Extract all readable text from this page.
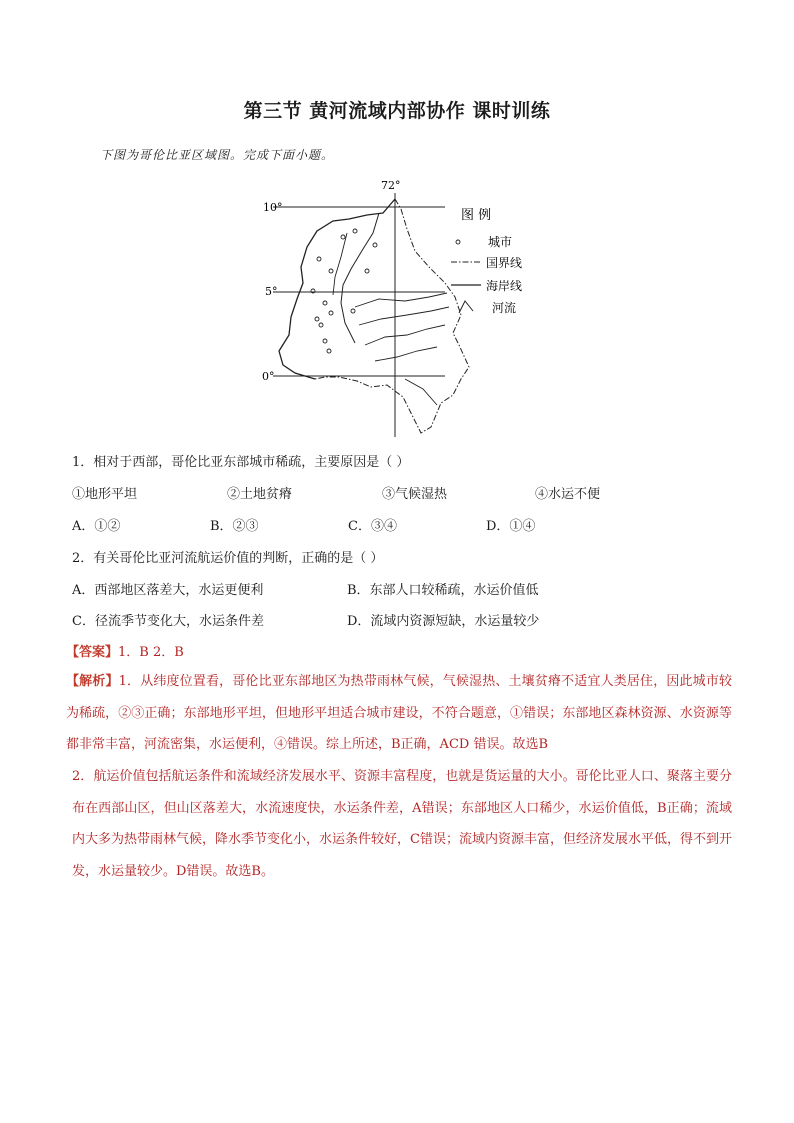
第三节 黄河流域内部协作 课时训练
下图为哥伦比亚区域图。完成下面小题。
10°
5°
0°
72°
图 例
城市
国界线
海岸线
河流
1．相对于西部，哥伦比亚东部城市稀疏，主要原因是（ ）
①地形平坦	②土地贫瘠	③气候湿热	④水运不便
A．①②	B．②③	C．③④	D．①④
2．有关哥伦比亚河流航运价值的判断，正确的是（ ）
A．西部地区落差大，水运更便利	B．东部人口较稀疏，水运价值低
C．径流季节变化大，水运条件差	D．流域内资源短缺，水运量较少
【答案】1．B 2．B
【解析】1．从纬度位置看，哥伦比亚东部地区为热带雨林气候，气候湿热、土壤贫瘠不适宜人类居住，因此城市较为稀疏，②③正确；东部地形平坦，但地形平坦适合城市建设，不符合题意，①错误；东部地区森林资源、水资源等都非常丰富，河流密集，水运便利，④错误。综上所述，B正确，ACD 错误。故选B
2．航运价值包括航运条件和流域经济发展水平、资源丰富程度，也就是货运量的大小。哥伦比亚人口、聚落主要分布在西部山区，但山区落差大，水流速度快，水运条件差，A错误；东部地区人口稀少，水运价值低，B正确；流域内大多为热带雨林气候，降水季节变化小，水运条件较好，C错误；流域内资源丰富，但经济发展水平低，得不到开发，水运量较少。D错误。故选B。
